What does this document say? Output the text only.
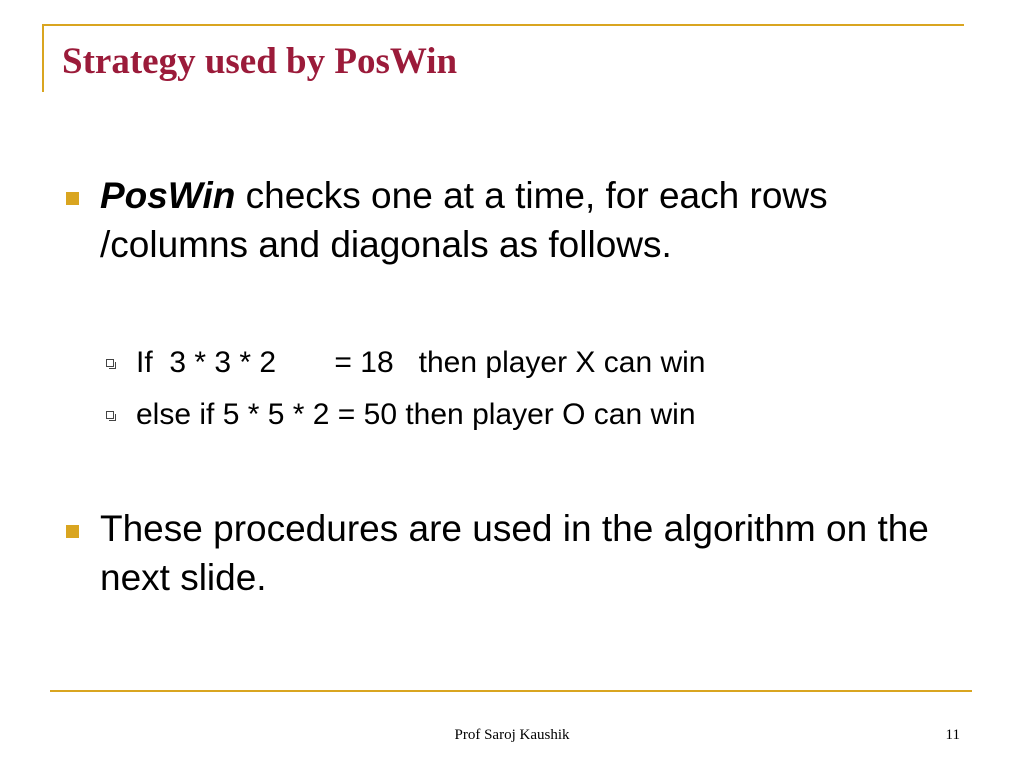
Strategy used by PosWin
PosWin checks one at a time, for each rows /columns and diagonals as follows.
If  3 * 3 * 2       = 18   then player X can win
else if 5 * 5 * 2 = 50 then player O can win
These procedures are used in the algorithm on the next slide.
Prof Saroj Kaushik	11
